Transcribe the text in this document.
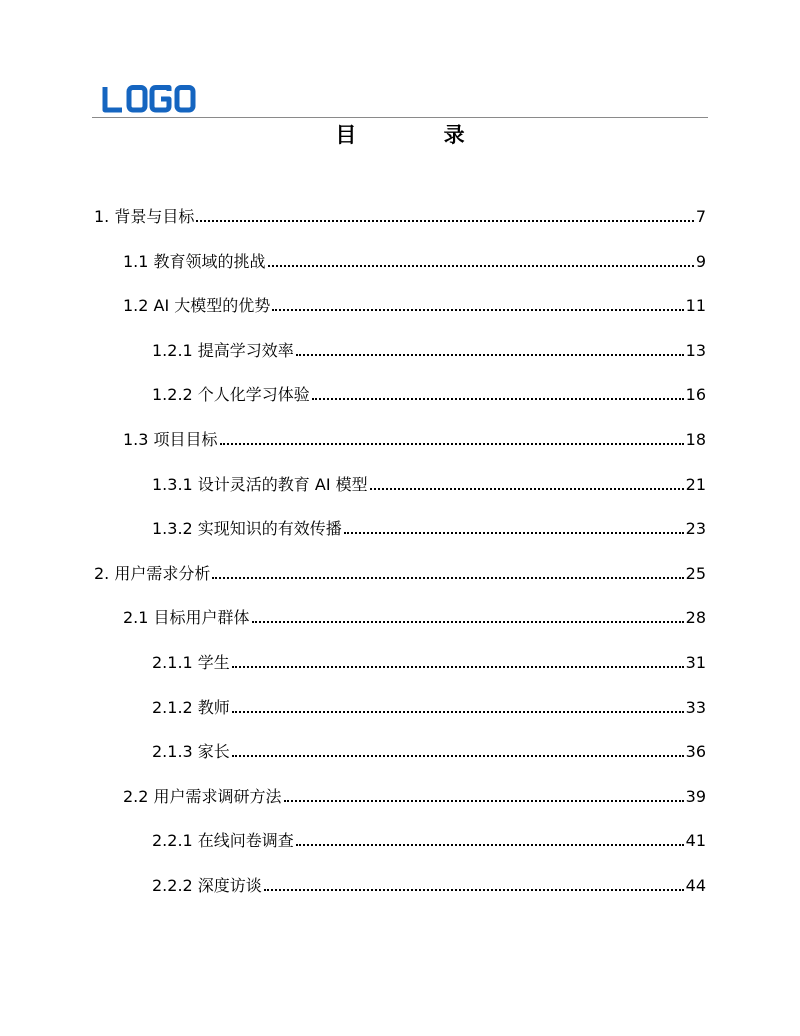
目 录
1. 背景与目标	7
1.1 教育领域的挑战	9
1.2 AI 大模型的优势	11
1.2.1 提高学习效率	13
1.2.2 个人化学习体验	16
1.3 项目目标	18
1.3.1 设计灵活的教育 AI 模型	21
1.3.2 实现知识的有效传播	23
2. 用户需求分析	25
2.1 目标用户群体	28
2.1.1 学生	31
2.1.2 教师	33
2.1.3 家长	36
2.2 用户需求调研方法	39
2.2.1 在线问卷调查	41
2.2.2 深度访谈	44
